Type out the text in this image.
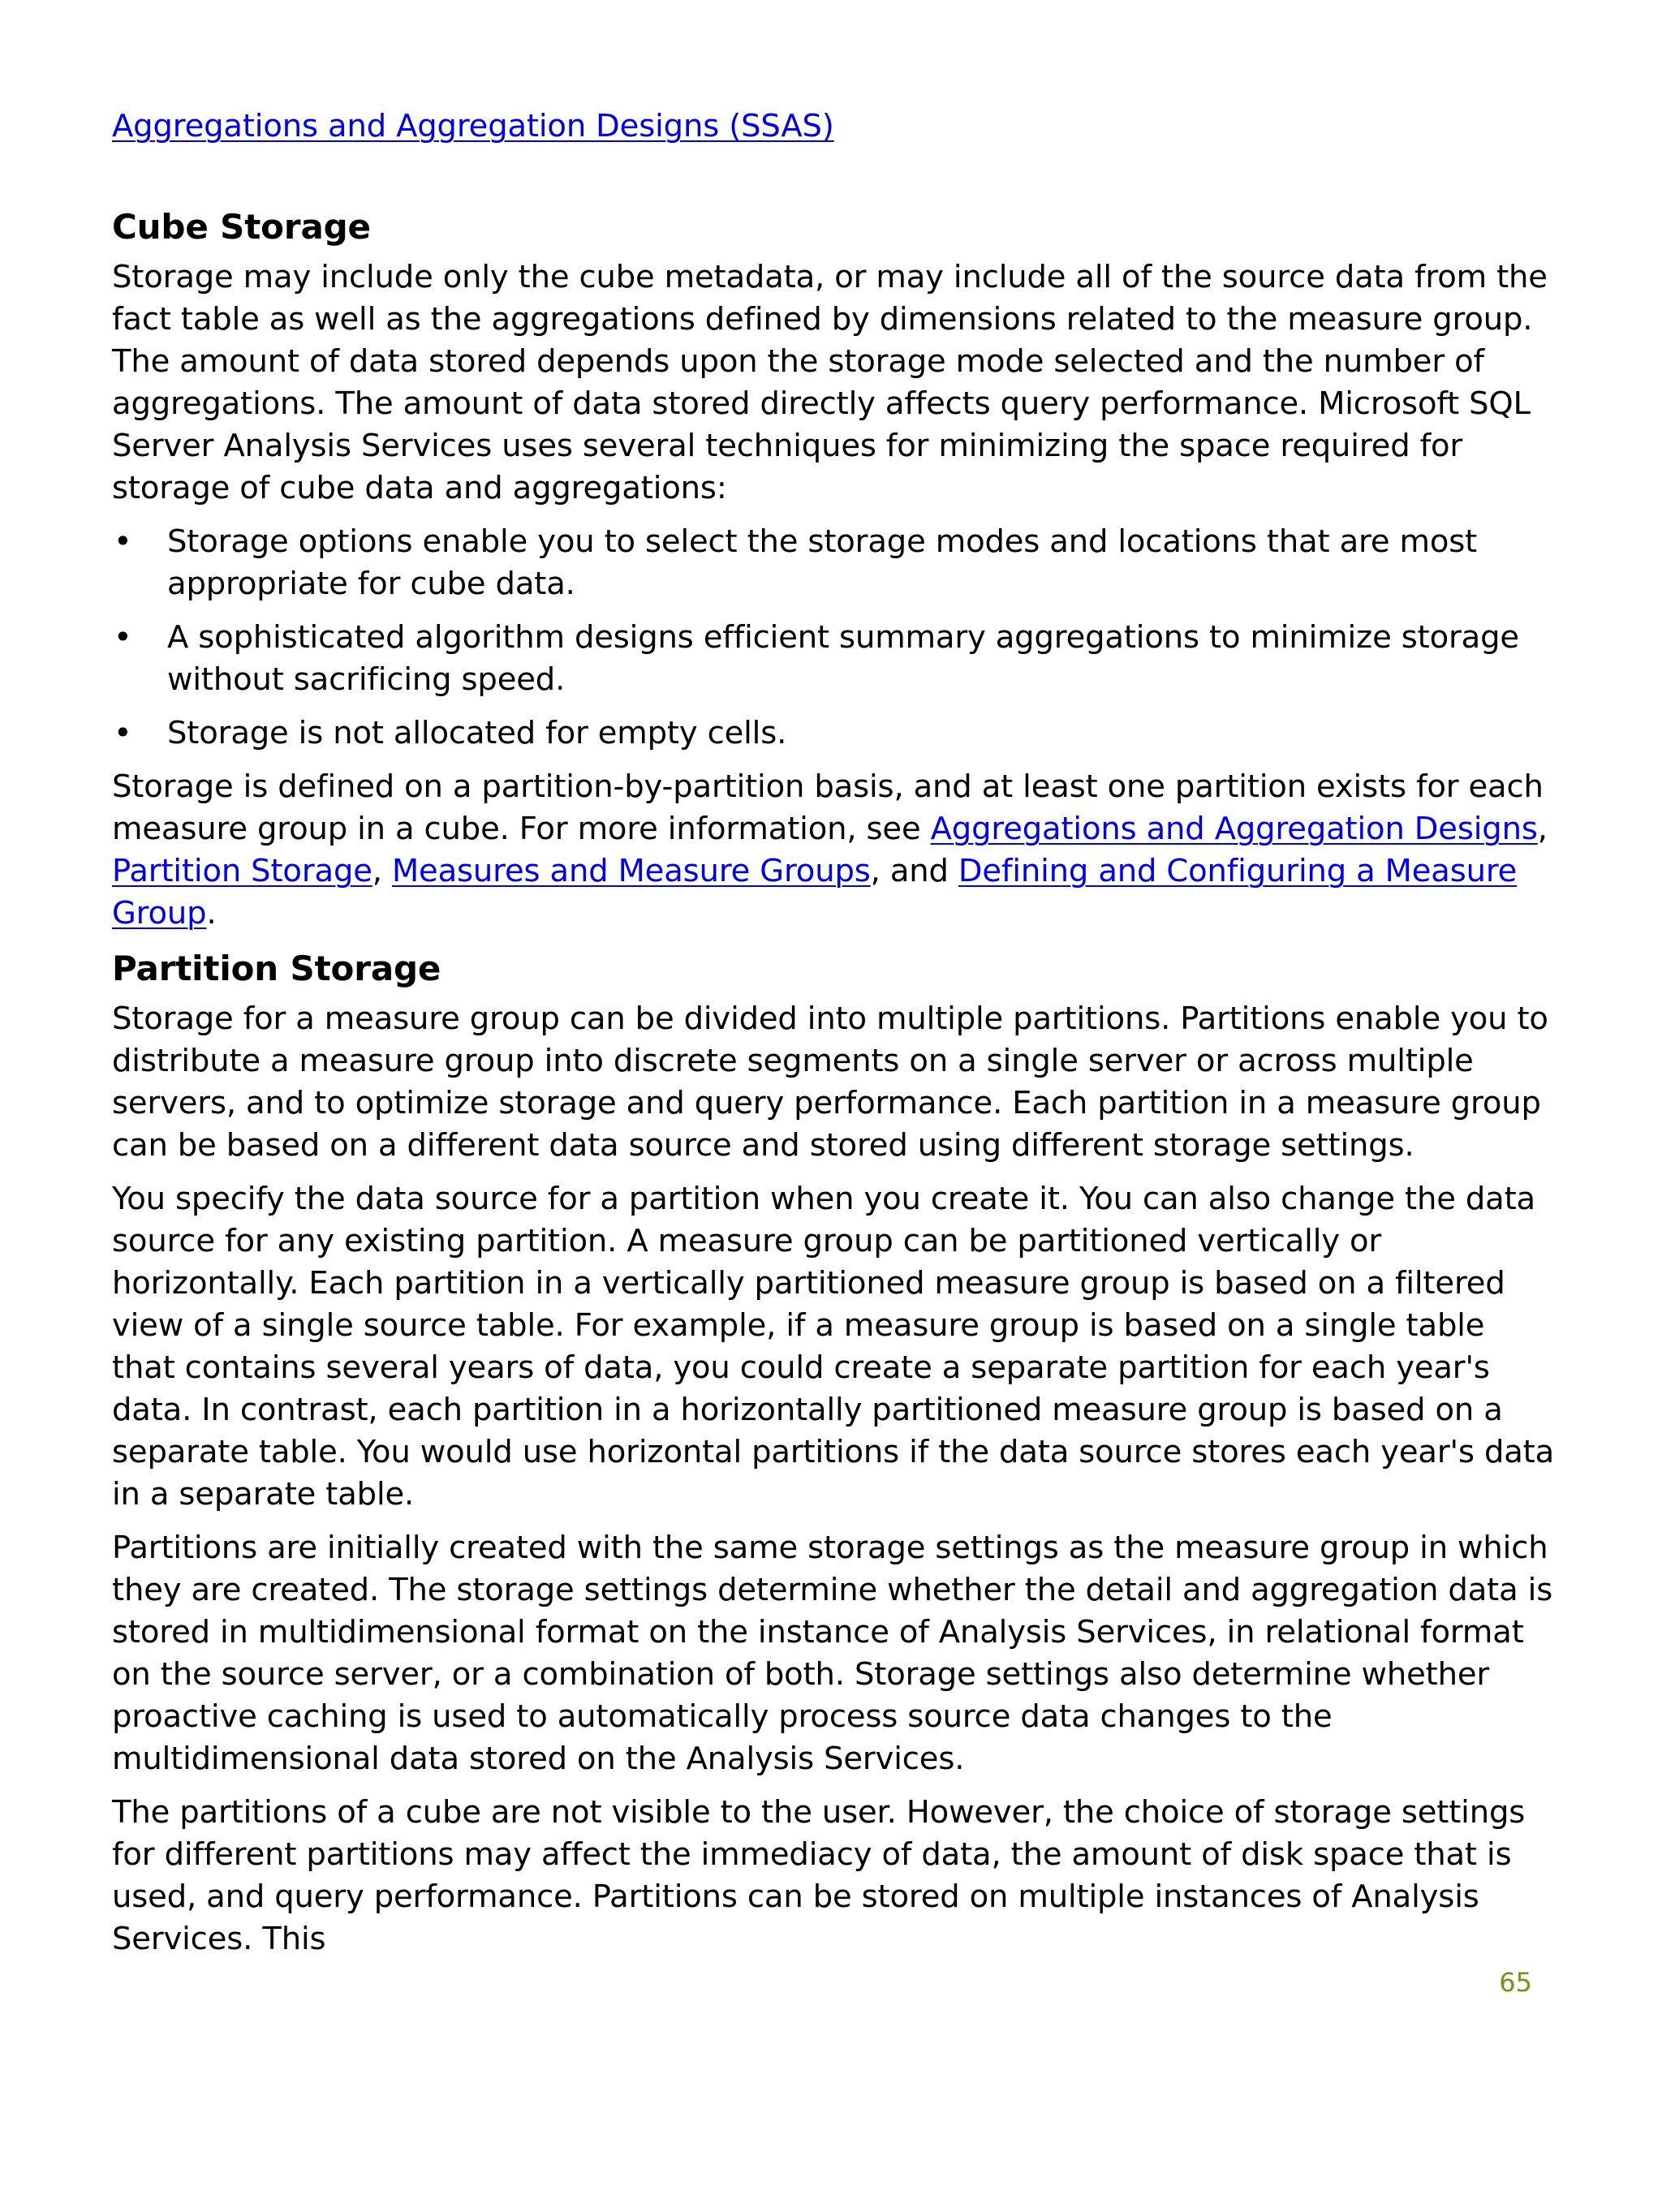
Aggregations and Aggregation Designs (SSAS)
Cube Storage

Storage may include only the cube metadata, or may include all of the source data from the fact table as well as the aggregations defined by dimensions related to the measure group. The amount of data stored depends upon the storage mode selected and the number of aggregations. The amount of data stored directly affects query performance. Microsoft SQL Server Analysis Services uses several techniques for minimizing the space required for storage of cube data and aggregations:

• Storage options enable you to select the storage modes and locations that are most appropriate for cube data.
• A sophisticated algorithm designs efficient summary aggregations to minimize storage without sacrificing speed.
• Storage is not allocated for empty cells.

Storage is defined on a partition-by-partition basis, and at least one partition exists for each measure group in a cube. For more information, see Aggregations and Aggregation Designs, Partition Storage, Measures and Measure Groups, and Defining and Configuring a Measure Group.

Partition Storage

Storage for a measure group can be divided into multiple partitions. Partitions enable you to distribute a measure group into discrete segments on a single server or across multiple servers, and to optimize storage and query performance. Each partition in a measure group can be based on a different data source and stored using different storage settings.

You specify the data source for a partition when you create it. You can also change the data source for any existing partition. A measure group can be partitioned vertically or horizontally. Each partition in a vertically partitioned measure group is based on a filtered view of a single source table. For example, if a measure group is based on a single table that contains several years of data, you could create a separate partition for each year's data. In contrast, each partition in a horizontally partitioned measure group is based on a separate table. You would use horizontal partitions if the data source stores each year's data in a separate table.

Partitions are initially created with the same storage settings as the measure group in which they are created. The storage settings determine whether the detail and aggregation data is stored in multidimensional format on the instance of Analysis Services, in relational format on the source server, or a combination of both. Storage settings also determine whether proactive caching is used to automatically process source data changes to the multidimensional data stored on the Analysis Services.

The partitions of a cube are not visible to the user. However, the choice of storage settings for different partitions may affect the immediacy of data, the amount of disk space that is used, and query performance. Partitions can be stored on multiple instances of Analysis Services. This

65
